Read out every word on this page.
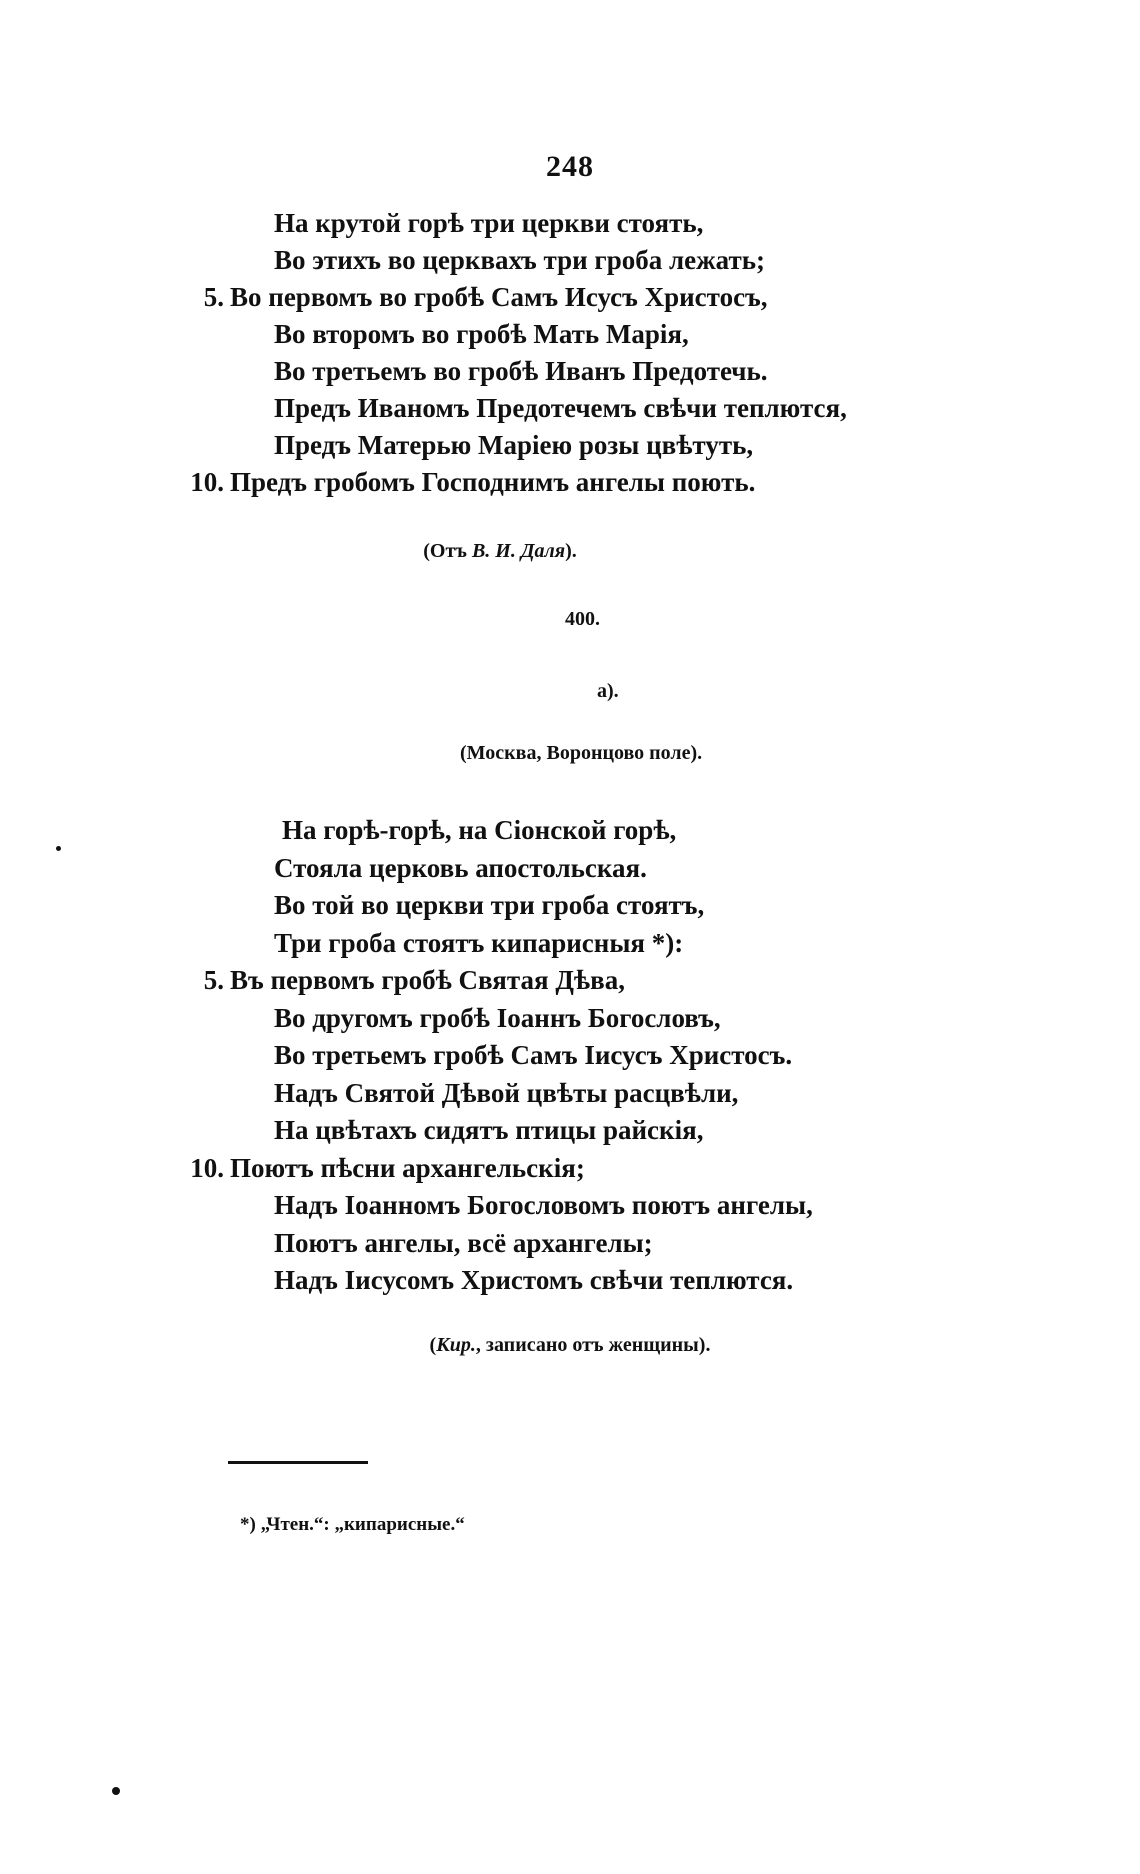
248
На крутой горѣ три церкви стоять,
Во этихъ во церквахъ три гроба лежать;
5. Во первомъ во гробѣ Самъ Исусъ Христосъ,
Во второмъ во гробѣ Мать Марія,
Во третьемъ во гробѣ Иванъ Предотечь.
Предъ Иваномъ Предотечемъ свѣчи теплются,
Предъ Матерью Маріею розы цвѣтуть,
10. Предъ гробомъ Господнимъ ангелы поють.
(Отъ В. И. Даля).
400.
а).
(Москва, Воронцово поле).
На горѣ-горѣ, на Сіонской горѣ,
Стояла церковь апостольская.
Во той во церкви три гроба стоятъ,
Три гроба стоятъ кипарисныя *):
5. Въ первомъ гробѣ Святая Дѣва,
Во другомъ гробѣ Іоаннъ Богословъ,
Во третьемъ гробѣ Самъ Іисусъ Христосъ.
Надъ Святой Дѣвой цвѣты расцвѣли,
На цвѣтахъ сидятъ птицы райскія,
10. Поютъ пѣсни архангельскія;
Надъ Іоанномъ Богословомъ поютъ ангелы,
Поютъ ангелы, всё архангелы;
Надъ Іисусомъ Христомъ свѣчи теплются.
(Кир., записано отъ женщины).
*) „Чтен.“: „кипарисные.“
